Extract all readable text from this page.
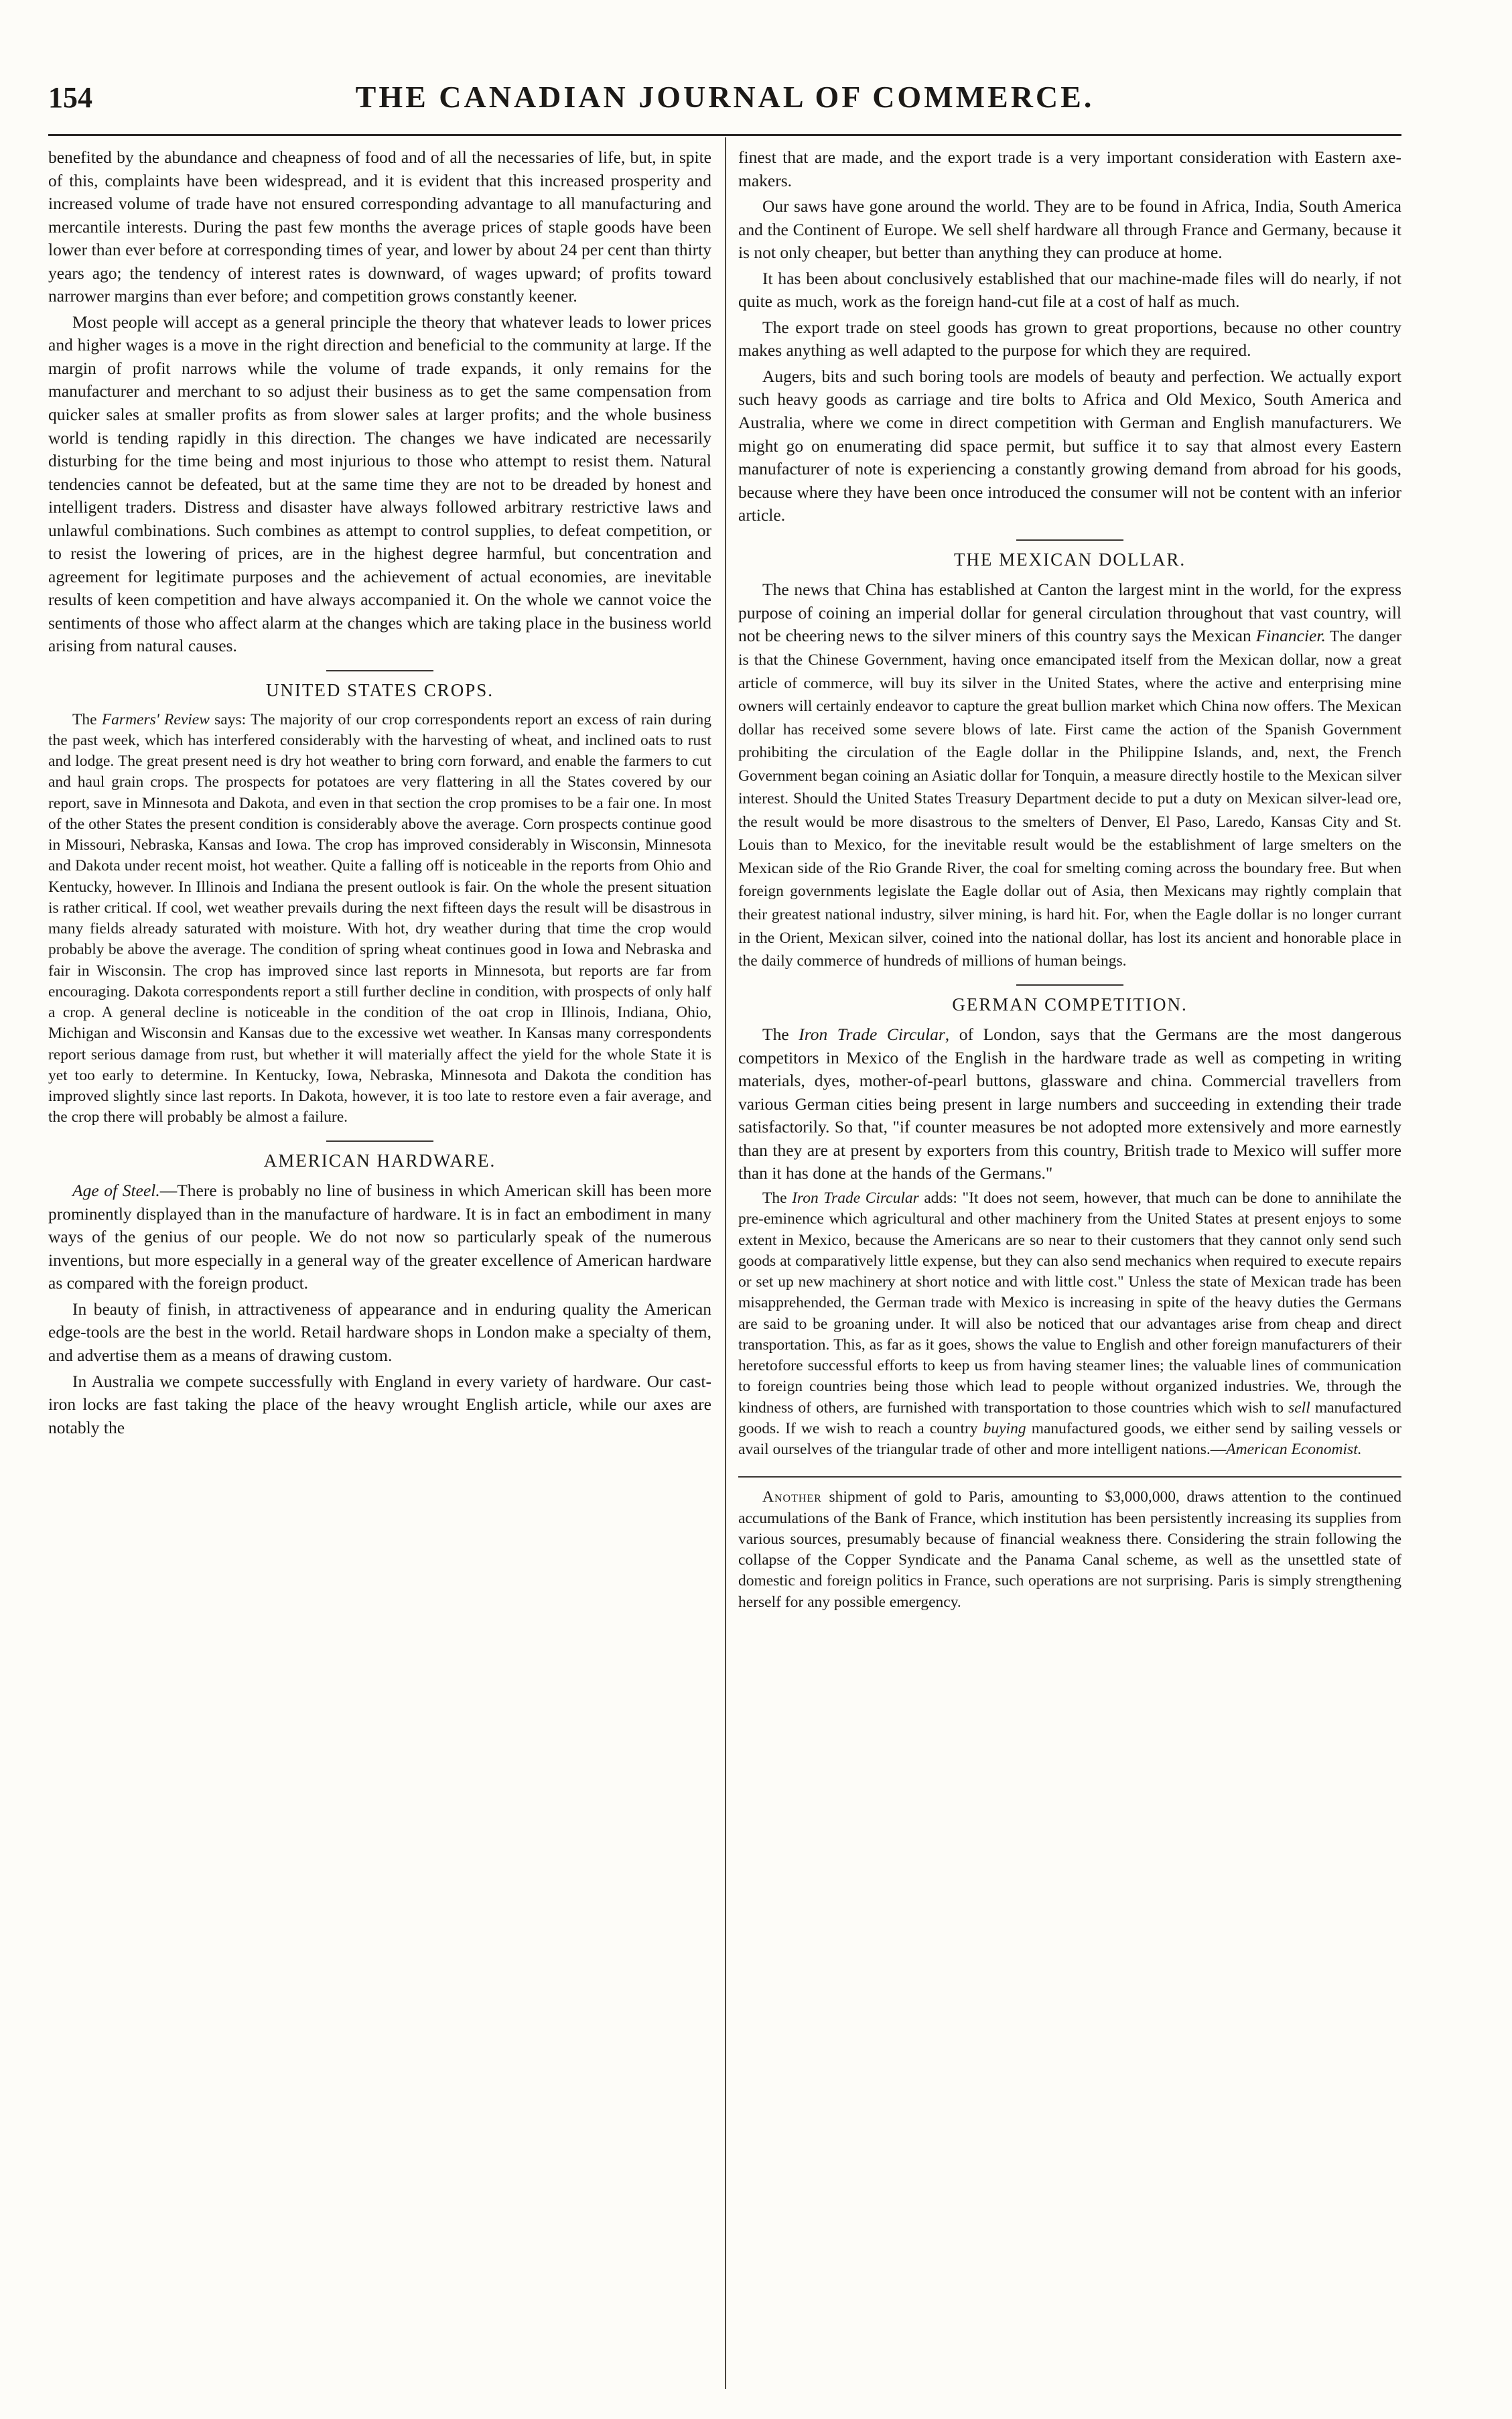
154	THE CANADIAN JOURNAL OF COMMERCE.

benefited by the abundance and cheapness of food and of all the necessaries of life, but, in spite of this, complaints have been widespread, and it is evident that this increased prosperity and increased volume of trade have not ensured corresponding advantage to all manufacturing and mercantile interests. During the past few months the average prices of staple goods have been lower than ever before at corresponding times of year, and lower by about 24 per cent than thirty years ago; the tendency of interest rates is downward, of wages upward; of profits toward narrower margins than ever before; and competition grows constantly keener.

Most people will accept as a general principle the theory that whatever leads to lower prices and higher wages is a move in the right direction and beneficial to the community at large. If the margin of profit narrows while the volume of trade expands, it only remains for the manufacturer and merchant to so adjust their business as to get the same compensation from quicker sales at smaller profits as from slower sales at larger profits; and the whole business world is tending rapidly in this direction. The changes we have indicated are necessarily disturbing for the time being and most injurious to those who attempt to resist them. Natural tendencies cannot be defeated, but at the same time they are not to be dreaded by honest and intelligent traders. Distress and disaster have always followed arbitrary restrictive laws and unlawful combinations. Such combines as attempt to control supplies, to defeat competition, or to resist the lowering of prices, are in the highest degree harmful, but concentration and agreement for legitimate purposes and the achievement of actual economies, are inevitable results of keen competition and have always accompanied it. On the whole we cannot voice the sentiments of those who affect alarm at the changes which are taking place in the business world arising from natural causes.

UNITED STATES CROPS.

The Farmers' Review says: The majority of our crop correspondents report an excess of rain during the past week, which has interfered considerably with the harvesting of wheat, and inclined oats to rust and lodge. The great present need is dry hot weather to bring corn forward, and enable the farmers to cut and haul grain crops. The prospects for potatoes are very flattering in all the States covered by our report, save in Minnesota and Dakota, and even in that section the crop promises to be a fair one. In most of the other States the present condition is considerably above the average. Corn prospects continue good in Missouri, Nebraska, Kansas and Iowa. The crop has improved considerably in Wisconsin, Minnesota and Dakota under recent moist, hot weather. Quite a falling off is noticeable in the reports from Ohio and Kentucky, however. In Illinois and Indiana the present outlook is fair. On the whole the present situation is rather critical. If cool, wet weather prevails during the next fifteen days the result will be disastrous in many fields already saturated with moisture. With hot, dry weather during that time the crop would probably be above the average. The condition of spring wheat continues good in Iowa and Nebraska and fair in Wisconsin. The crop has improved since last reports in Minnesota, but reports are far from encouraging. Dakota correspondents report a still further decline in condition, with prospects of only half a crop. A general decline is noticeable in the condition of the oat crop in Illinois, Indiana, Ohio, Michigan and Wisconsin and Kansas due to the excessive wet weather. In Kansas many correspondents report serious damage from rust, but whether it will materially affect the yield for the whole State it is yet too early to determine. In Kentucky, Iowa, Nebraska, Minnesota and Dakota the condition has improved slightly since last reports. In Dakota, however, it is too late to restore even a fair average, and the crop there will probably be almost a failure.

AMERICAN HARDWARE.

Age of Steel.—There is probably no line of business in which American skill has been more prominently displayed than in the manufacture of hardware. It is in fact an embodiment in many ways of the genius of our people. We do not now so particularly speak of the numerous inventions, but more especially in a general way of the greater excellence of American hardware as compared with the foreign product.

In beauty of finish, in attractiveness of appearance and in enduring quality the American edge-tools are the best in the world. Retail hardware shops in London make a specialty of them, and advertise them as a means of drawing custom.

In Australia we compete successfully with England in every variety of hardware. Our cast-iron locks are fast taking the place of the heavy wrought English article, while our axes are notably the

finest that are made, and the export trade is a very important consideration with Eastern axe-makers.

Our saws have gone around the world. They are to be found in Africa, India, South America and the Continent of Europe. We sell shelf hardware all through France and Germany, because it is not only cheaper, but better than anything they can produce at home.

It has been about conclusively established that our machine-made files will do nearly, if not quite as much, work as the foreign hand-cut file at a cost of half as much.

The export trade on steel goods has grown to great proportions, because no other country makes anything as well adapted to the purpose for which they are required.

Augers, bits and such boring tools are models of beauty and perfection. We actually export such heavy goods as carriage and tire bolts to Africa and Old Mexico, South America and Australia, where we come in direct competition with German and English manufacturers. We might go on enumerating did space permit, but suffice it to say that almost every Eastern manufacturer of note is experiencing a constantly growing demand from abroad for his goods, because where they have been once introduced the consumer will not be content with an inferior article.

THE MEXICAN DOLLAR.

The news that China has established at Canton the largest mint in the world, for the express purpose of coining an imperial dollar for general circulation throughout that vast country, will not be cheering news to the silver miners of this country says the Mexican Financier. The danger is that the Chinese Government, having once emancipated itself from the Mexican dollar, now a great article of commerce, will buy its silver in the United States, where the active and enterprising mine owners will certainly endeavor to capture the great bullion market which China now offers. The Mexican dollar has received some severe blows of late. First came the action of the Spanish Government prohibiting the circulation of the Eagle dollar in the Philippine Islands, and, next, the French Government began coining an Asiatic dollar for Tonquin, a measure directly hostile to the Mexican silver interest. Should the United States Treasury Department decide to put a duty on Mexican silver-lead ore, the result would be more disastrous to the smelters of Denver, El Paso, Laredo, Kansas City and St. Louis than to Mexico, for the inevitable result would be the establishment of large smelters on the Mexican side of the Rio Grande River, the coal for smelting coming across the boundary free. But when foreign governments legislate the Eagle dollar out of Asia, then Mexicans may rightly complain that their greatest national industry, silver mining, is hard hit. For, when the Eagle dollar is no longer currant in the Orient, Mexican silver, coined into the national dollar, has lost its ancient and honorable place in the daily commerce of hundreds of millions of human beings.

GERMAN COMPETITION.

The Iron Trade Circular, of London, says that the Germans are the most dangerous competitors in Mexico of the English in the hardware trade as well as competing in writing materials, dyes, mother-of-pearl buttons, glassware and china. Commercial travellers from various German cities being present in large numbers and succeeding in extending their trade satisfactorily. So that, "if counter measures be not adopted more extensively and more earnestly than they are at present by exporters from this country, British trade to Mexico will suffer more than it has done at the hands of the Germans."

The Iron Trade Circular adds: "It does not seem, however, that much can be done to annihilate the pre-eminence which agricultural and other machinery from the United States at present enjoys to some extent in Mexico, because the Americans are so near to their customers that they cannot only send such goods at comparatively little expense, but they can also send mechanics when required to execute repairs or set up new machinery at short notice and with little cost." Unless the state of Mexican trade has been misapprehended, the German trade with Mexico is increasing in spite of the heavy duties the Germans are said to be groaning under. It will also be noticed that our advantages arise from cheap and direct transportation. This, as far as it goes, shows the value to English and other foreign manufacturers of their heretofore successful efforts to keep us from having steamer lines; the valuable lines of communication to foreign countries being those which lead to people without organized industries. We, through the kindness of others, are furnished with transportation to those countries which wish to sell manufactured goods. If we wish to reach a country buying manufactured goods, we either send by sailing vessels or avail ourselves of the triangular trade of other and more intelligent nations.—American Economist.

Another shipment of gold to Paris, amounting to $3,000,000, draws attention to the continued accumulations of the Bank of France, which institution has been persistently increasing its supplies from various sources, presumably because of financial weakness there. Considering the strain following the collapse of the Copper Syndicate and the Panama Canal scheme, as well as the unsettled state of domestic and foreign politics in France, such operations are not surprising. Paris is simply strengthening herself for any possible emergency.
